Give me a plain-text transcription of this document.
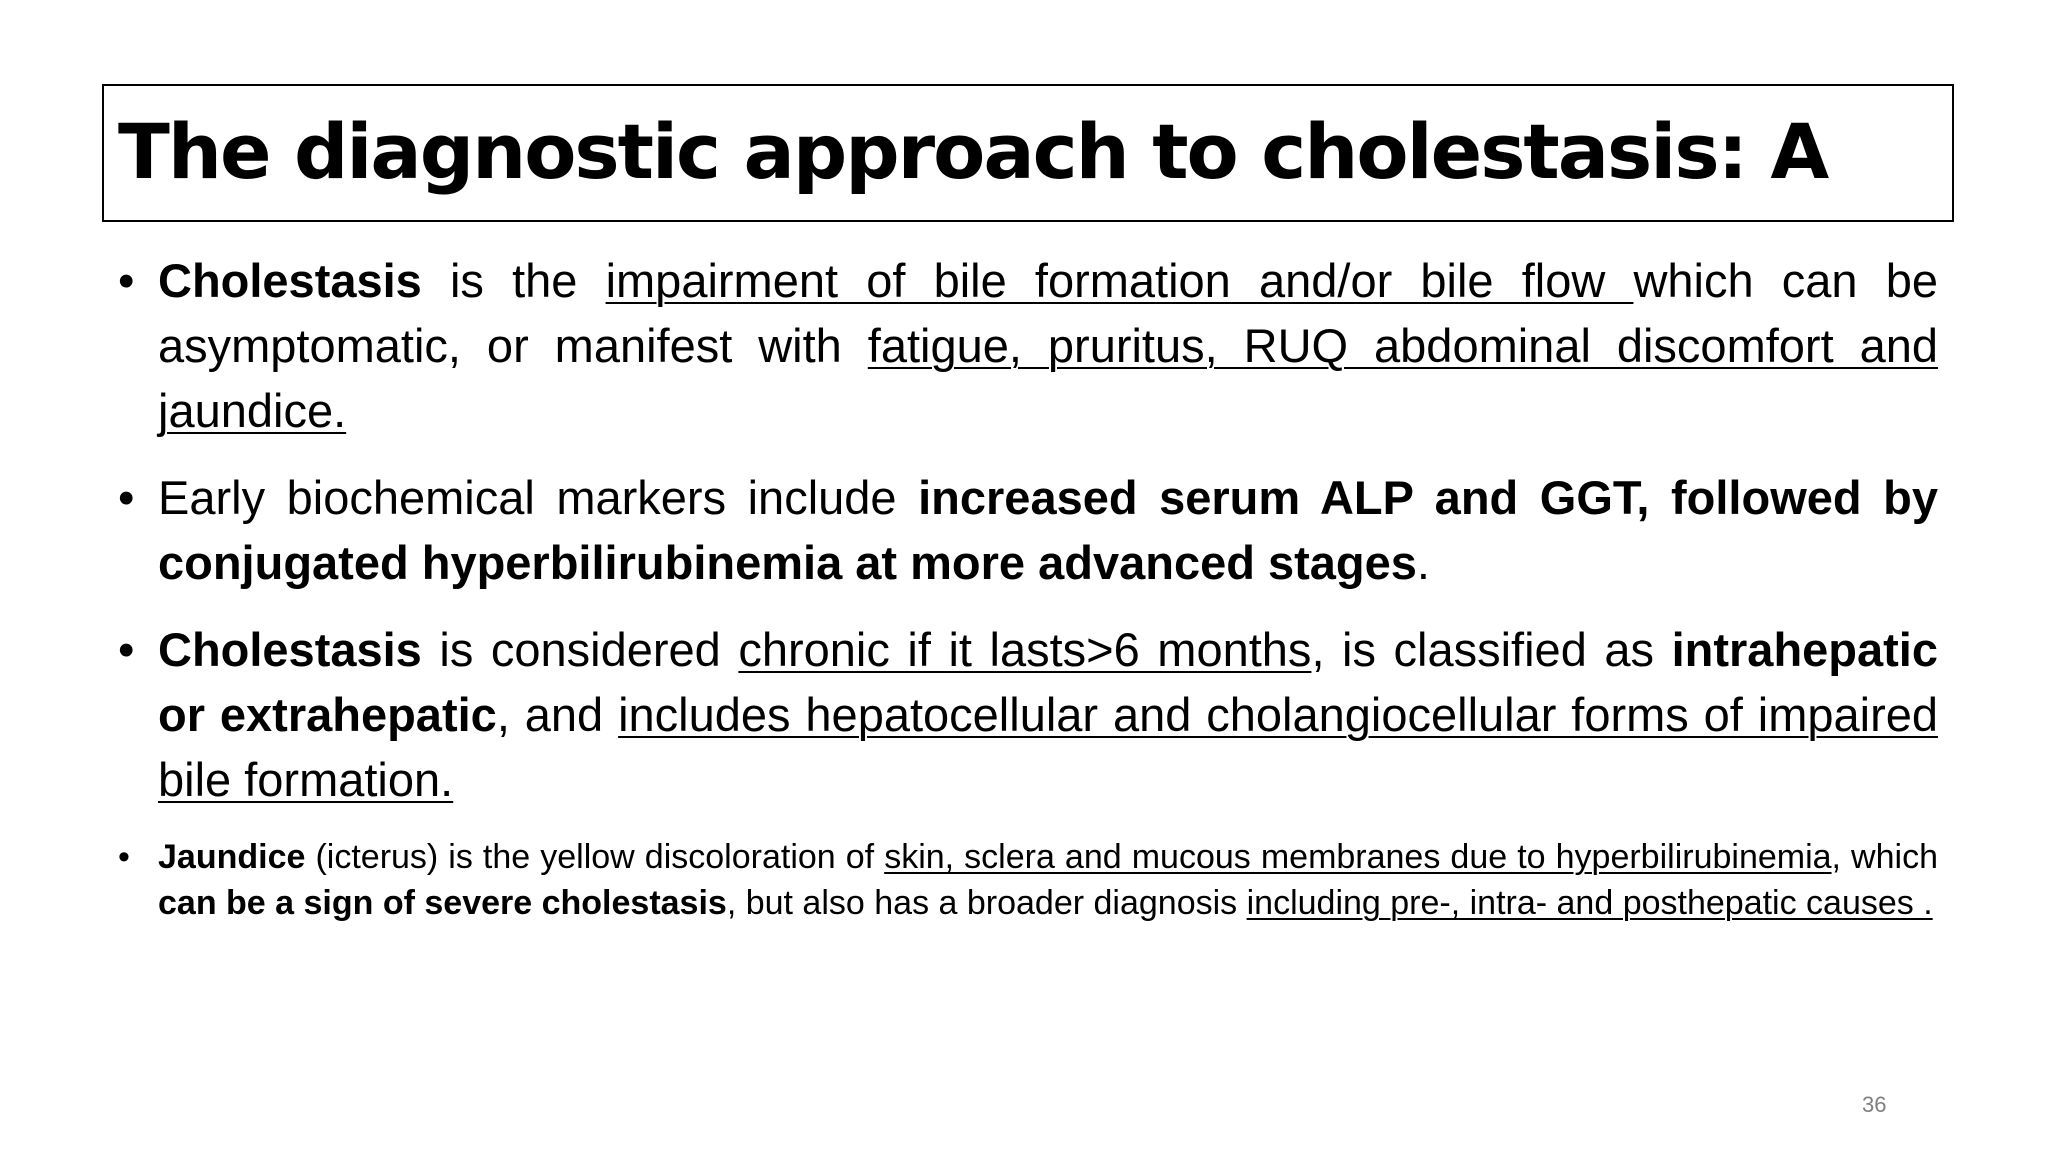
The diagnostic approach to cholestasis: A
• Cholestasis is the impairment of bile formation and/or bile flow which can be asymptomatic, or manifest with fatigue, pruritus, RUQ abdominal discomfort and jaundice.
• Early biochemical markers include increased serum ALP and GGT, followed by conjugated hyperbilirubinemia at more advanced stages.
• Cholestasis is considered chronic if it lasts>6 months, is classified as intrahepatic or extrahepatic, and includes hepatocellular and cholangiocellular forms of impaired bile formation.
• Jaundice (icterus) is the yellow discoloration of skin, sclera and mucous membranes due to hyperbilirubinemia, which can be a sign of severe cholestasis, but also has a broader diagnosis including pre-, intra- and posthepatic causes .
36
